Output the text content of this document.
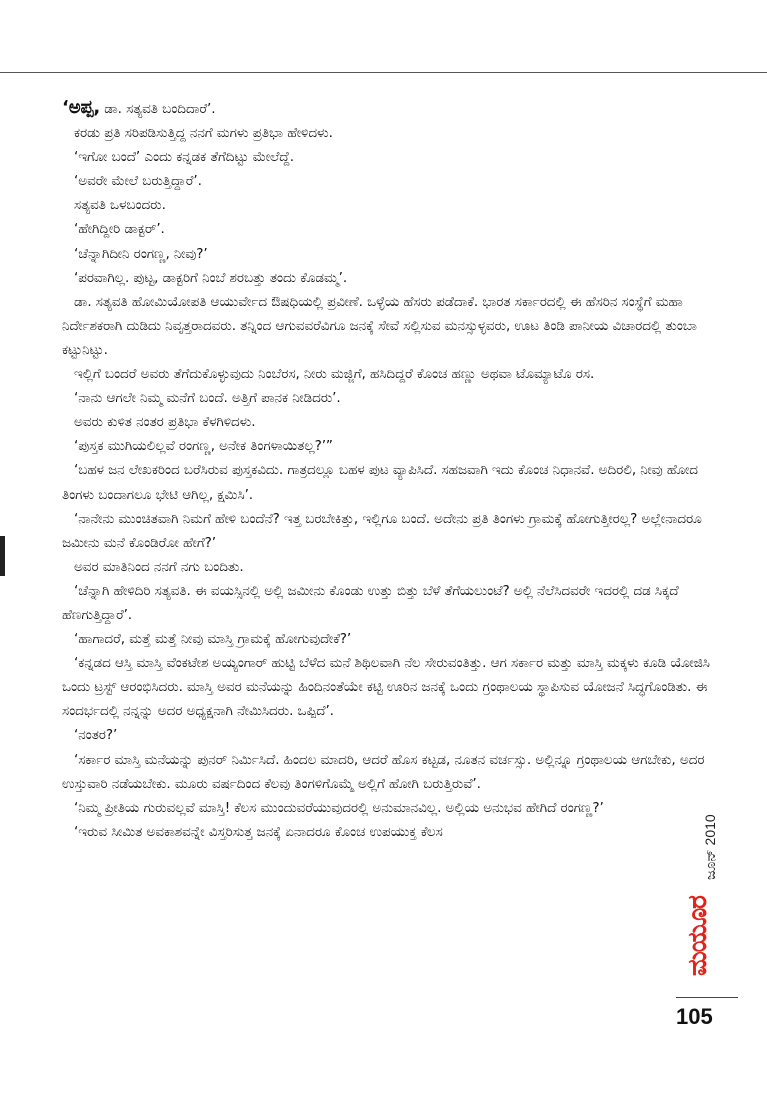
‘ಅಪ್ಪ, ಡಾ. ಸತ್ಯವತಿ ಬಂದಿದಾರೆ’.

ಕರಡು ಪ್ರತಿ ಸರಿಪಡಿಸುತ್ತಿದ್ದ ನನಗೆ ಮಗಳು ಪ್ರತಿಭಾ ಹೇಳಿದಳು.

‘ಇಗೋ ಬಂದೆ’ ಎಂದು ಕನ್ನಡಕ ತೆಗೆದಿಟ್ಟು ಮೇಲೆದ್ದೆ.

‘ಅವರೇ ಮೇಲೆ ಬರುತ್ತಿದ್ದಾರೆ’.

ಸತ್ಯವತಿ ಒಳಬಂದರು.

‘ಹೇಗಿದ್ದೀರಿ ಡಾಕ್ಟರ್’.

‘ಚೆನ್ನಾಗಿದೀನಿ ರಂಗಣ್ಣ, ನೀವು?’

‘ಪರವಾಗಿಲ್ಲ. ಪುಟ್ಟ, ಡಾಕ್ಟರಿಗೆ ನಿಂಬೆ ಶರಬತ್ತು ತಂದು ಕೊಡಮ್ಮ’.

ಡಾ. ಸತ್ಯವತಿ ಹೋಮಿಯೋಪತಿ ಆಯುರ್ವೇದ ಔಷಧಿಯಲ್ಲಿ ಪ್ರವೀಣೆ. ಒಳ್ಳೆಯ ಹೆಸರು ಪಡೆದಾಕೆ. ಭಾರತ ಸರ್ಕಾರದಲ್ಲಿ ಈ ಹೆಸರಿನ ಸಂಸ್ಥೆಗೆ ಮಹಾ ನಿರ್ದೇಶಕರಾಗಿ ದುಡಿದು ನಿವೃತ್ತರಾದವರು. ತನ್ನಿಂದ ಆಗುವವರೆವಿಗೂ ಜನಕ್ಕೆ ಸೇವೆ ಸಲ್ಲಿಸುವ ಮನಸ್ಸುಳ್ಳವರು, ಊಟ ತಿಂಡಿ ಪಾನೀಯ ವಿಚಾರದಲ್ಲಿ ತುಂಬಾ ಕಟ್ಟುನಿಟ್ಟು.

ಇಲ್ಲಿಗೆ ಬಂದರೆ ಅವರು ತೆಗೆದುಕೊಳ್ಳುವುದು ನಿಂಬೆರಸ, ನೀರು ಮಜ್ಜಿಗೆ, ಹಸಿದಿದ್ದರೆ ಕೊಂಚ ಹಣ್ಣು ಅಥವಾ ಟೊಮ್ಯಾಟೊ ರಸ.

‘ನಾನು ಆಗಲೇ ನಿಮ್ಮ ಮನೆಗೆ ಬಂದೆ. ಅತ್ತಿಗೆ ಪಾನಕ ನೀಡಿದರು’.

ಅವರು ಕುಳಿತ ನಂತರ ಪ್ರತಿಭಾ ಕೆಳಗಿಳಿದಳು.

‘ಪುಸ್ತಕ ಮುಗಿಯಲಿಲ್ಲವೆ ರಂಗಣ್ಣ, ಅನೇಕ ತಿಂಗಳಾಯಿತಲ್ಲ?’”

‘ಬಹಳ ಜನ ಲೇಖಕರಿಂದ ಬರೆಸಿರುವ ಪುಸ್ತಕವಿದು. ಗಾತ್ರದಲ್ಲೂ ಬಹಳ ಪುಟ ವ್ಯಾಪಿಸಿದೆ. ಸಹಜವಾಗಿ ಇದು ಕೊಂಚ ನಿಧಾನವೆ. ಅದಿರಲಿ, ನೀವು ಹೋದ ತಿಂಗಳು ಬಂದಾಗಲೂ ಭೇಟಿ ಆಗಿಲ್ಲ, ಕ್ಷಮಿಸಿ’.

‘ನಾನೇನು ಮುಂಚಿತವಾಗಿ ನಿಮಗೆ ಹೇಳಿ ಬಂದೆನೆ? ಇತ್ತ ಬರಬೇಕಿತ್ತು, ಇಲ್ಲಿಗೂ ಬಂದೆ. ಅದೇನು ಪ್ರತಿ ತಿಂಗಳು ಗ್ರಾಮಕ್ಕೆ ಹೋಗುತ್ತೀರಲ್ಲ? ಅಲ್ಲೇನಾದರೂ ಜಮೀನು ಮನೆ ಕೊಂಡಿರೋ ಹೇಗೆ?’

ಅವರ ಮಾತಿನಿಂದ ನನಗೆ ನಗು ಬಂದಿತು.

‘ಚೆನ್ನಾಗಿ ಹೇಳಿದಿರಿ ಸತ್ಯವತಿ. ಈ ವಯಸ್ಸಿನಲ್ಲಿ ಅಲ್ಲಿ ಜಮೀನು ಕೊಂಡು ಉತ್ತು ಬಿತ್ತು ಬೆಳೆ ತೆಗೆಯಲುಂಟೆ? ಅಲ್ಲಿ ನೆಲೆಸಿದವರೇ ಇದರಲ್ಲಿ ದಡ ಸಿಕ್ಕದೆ ಹೆಣಗುತ್ತಿದ್ದಾರೆ’.

‘ಹಾಗಾದರೆ, ಮತ್ತೆ ಮತ್ತೆ ನೀವು ಮಾಸ್ತಿ ಗ್ರಾಮಕ್ಕೆ ಹೋಗುವುದೇಕೆ?’

‘ಕನ್ನಡದ ಆಸ್ತಿ ಮಾಸ್ತಿ ವೆಂಕಟೇಶ ಅಯ್ಯಂಗಾರ್ ಹುಟ್ಟಿ ಬೆಳೆದ ಮನೆ ಶಿಥಿಲವಾಗಿ ನೆಲ ಸೇರುವಂತಿತ್ತು. ಆಗ ಸರ್ಕಾರ ಮತ್ತು ಮಾಸ್ತಿ ಮಕ್ಕಳು ಕೂಡಿ ಯೋಜಿಸಿ ಒಂದು ಟ್ರಸ್ಟ್ ಆರಂಭಿಸಿದರು. ಮಾಸ್ತಿ ಅವರ ಮನೆಯನ್ನು ಹಿಂದಿನಂತೆಯೇ ಕಟ್ಟಿ ಊರಿನ ಜನಕ್ಕೆ ಒಂದು ಗ್ರಂಥಾಲಯ ಸ್ಥಾಪಿಸುವ ಯೋಜನೆ ಸಿದ್ಧಗೊಂಡಿತು. ಈ ಸಂದರ್ಭದಲ್ಲಿ ನನ್ನನ್ನು ಅದರ ಅಧ್ಯಕ್ಷನಾಗಿ ನೇಮಿಸಿದರು. ಒಪ್ಪಿದೆ’.

‘ನಂತರ?’

‘ಸರ್ಕಾರ ಮಾಸ್ತಿ ಮನೆಯನ್ನು ಪುನರ್ ನಿರ್ಮಿಸಿದೆ. ಹಿಂದಲ ಮಾದರಿ, ಆದರೆ ಹೊಸ ಕಟ್ಟಡ, ನೂತನ ವರ್ಚಸ್ಸು. ಅಲ್ಲಿನ್ನೂ ಗ್ರಂಥಾಲಯ ಆಗಬೇಕು, ಅದರ ಉಸ್ತುವಾರಿ ನಡೆಯಬೇಕು. ಮೂರು ವರ್ಷದಿಂದ ಕೆಲವು ತಿಂಗಳಿಗೊಮ್ಮೆ ಅಲ್ಲಿಗೆ ಹೋಗಿ ಬರುತ್ತಿರುವೆ’.

‘ನಿಮ್ಮ ಪ್ರೀತಿಯ ಗುರುವಲ್ಲವೆ ಮಾಸ್ತಿ! ಕೆಲಸ ಮುಂದುವರೆಯುವುದರಲ್ಲಿ ಅನುಮಾನವಿಲ್ಲ. ಅಲ್ಲಿಯ ಅನುಭವ ಹೇಗಿದೆ ರಂಗಣ್ಣ?’

‘ಇರುವ ಸೀಮಿತ ಅವಕಾಶವನ್ನೇ ವಿಸ್ತರಿಸುತ್ತ ಜನಕ್ಕೆ ಏನಾದರೂ ಕೊಂಚ ಉಪಯುಕ್ತ ಕೆಲಸ	ಜೂನ್ 2010
ಮಯೂರ
105
